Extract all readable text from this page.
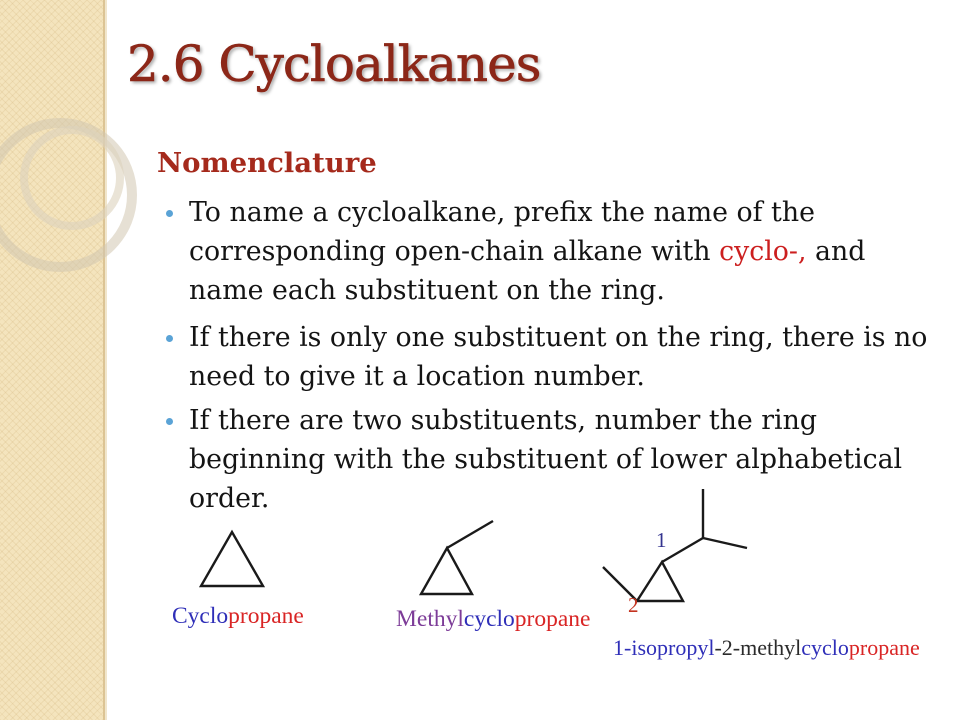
2.6 Cycloalkanes
Nomenclature
To name a cycloalkane, prefix the name of the
corresponding open-chain alkane with cyclo-, and
name each substituent on the ring.
If there is only one substituent on the ring, there is no
need to give it a location number.
If there are two substituents, number the ring
beginning with the substituent of lower alphabetical
order.
1
2

Cyclopropane	Methylcyclopropane

1-isopropyl-2-methylcyclopropane
